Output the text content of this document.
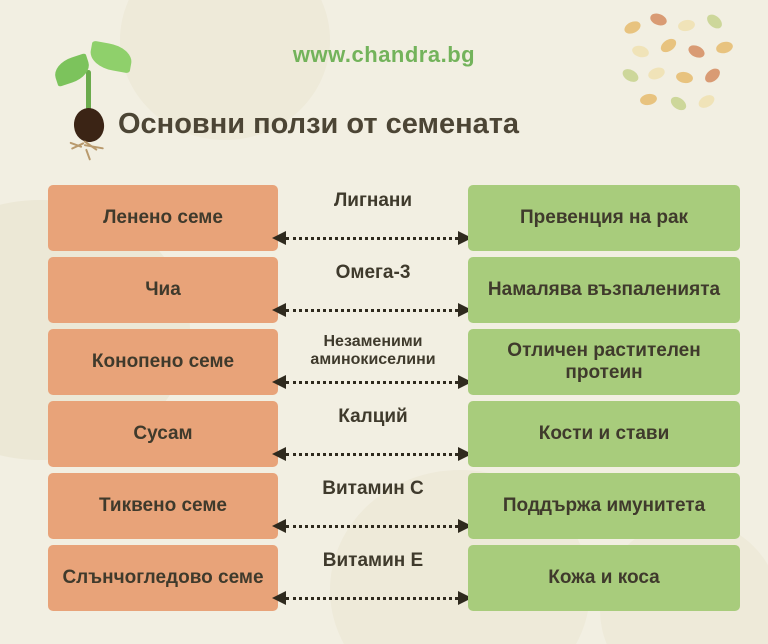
www.chandra.bg
Основни ползи от семената
Ленено семе
Лигнани
Превенция на рак
Чиа
Омега-3
Намалява възпаленията
Конопено семе
Незаменими аминокиселини	Отличен растителен протеин
Сусам
Калций
Кости и стави
Тиквено семе
Витамин С
Поддържа имунитета
Слънчогледово семе
Витамин Е
Кожа и коса
